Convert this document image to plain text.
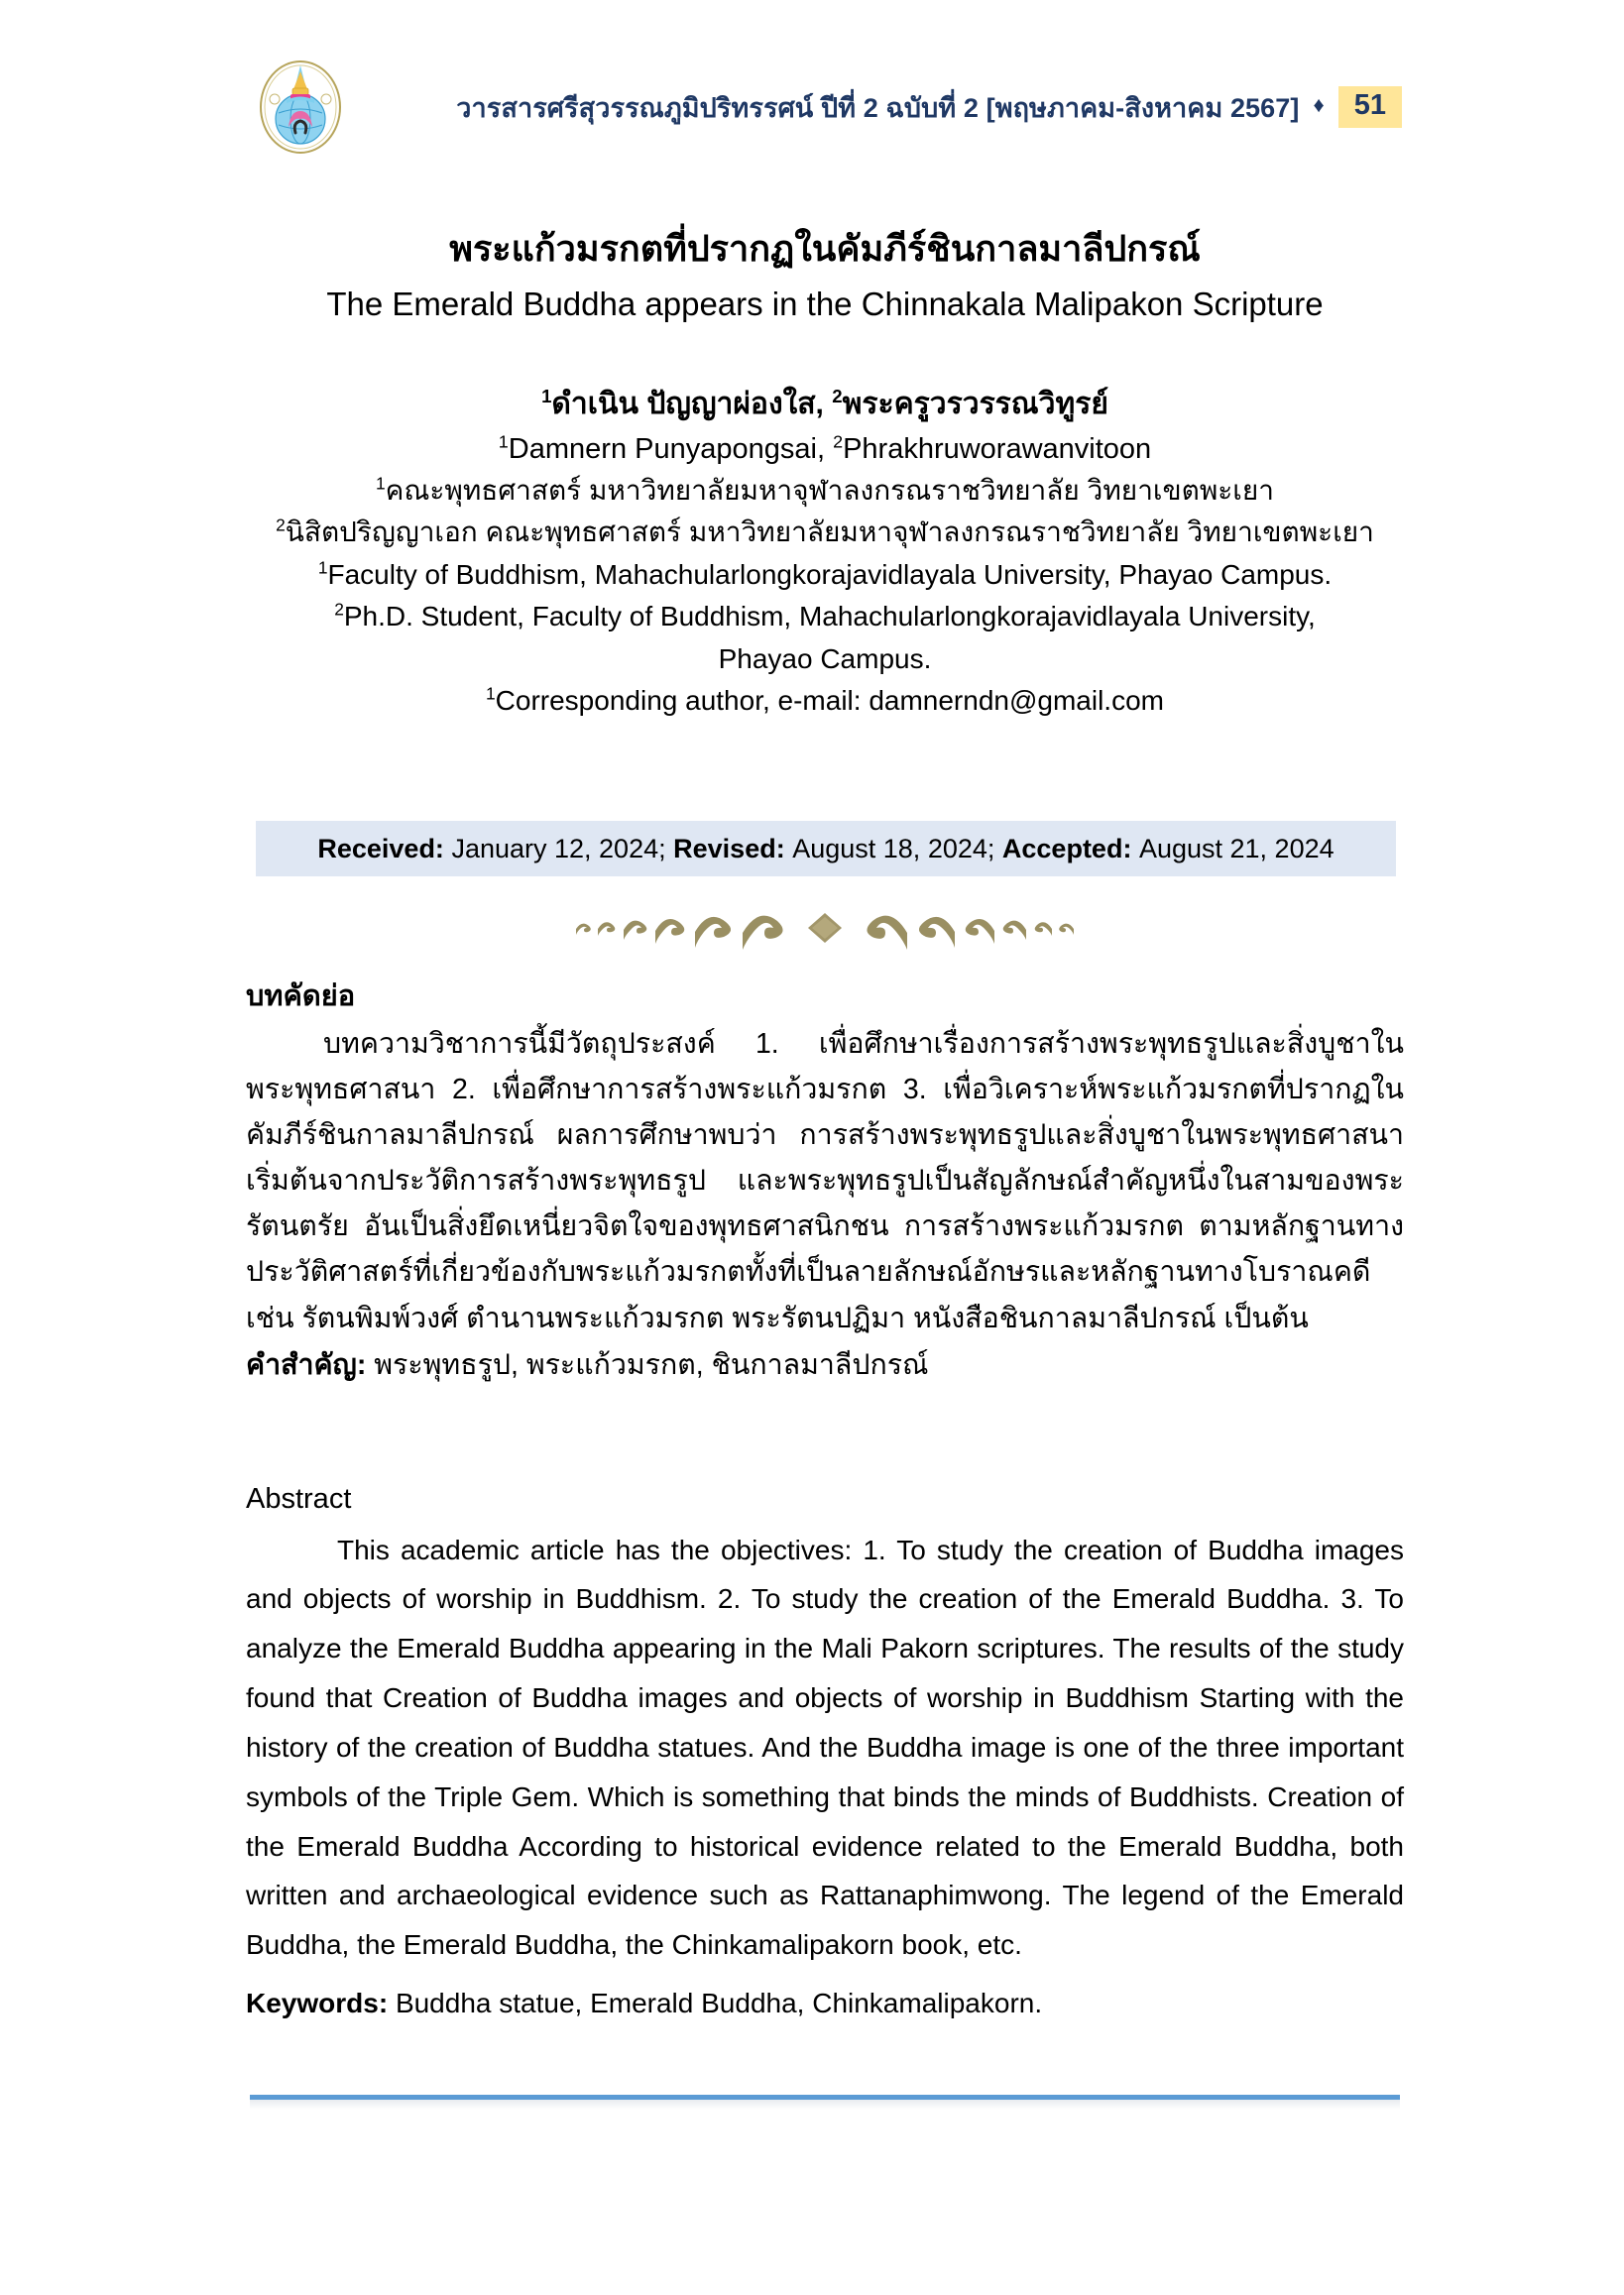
วารสารศรีสุวรรณภูมิปริทรรศน์ ปีที่ 2 ฉบับที่ 2 [พฤษภาคม-สิงหาคม 2567] ♦	51
พระแก้วมรกตที่ปรากฏในคัมภีร์ชินกาลมาลีปกรณ์
The Emerald Buddha appears in the Chinnakala Malipakon Scripture
$^1$ดำเนิน ปัญญาผ่องใส, $^2$พระครูวรวรรณวิทูรย์
$^1$Damnern Punyapongsai, $^2$Phrakhruworawanvitoon
$^1$คณะพุทธศาสตร์ มหาวิทยาลัยมหาจุฬาลงกรณราชวิทยาลัย วิทยาเขตพะเยา
$^2$นิสิตปริญญาเอก คณะพุทธศาสตร์ มหาวิทยาลัยมหาจุฬาลงกรณราชวิทยาลัย วิทยาเขตพะเยา
$^1$Faculty of Buddhism, Mahachularlongkorajavidlayala University, Phayao Campus.
$^2$Ph.D. Student, Faculty of Buddhism, Mahachularlongkorajavidlayala University,
Phayao Campus.
$^1$Corresponding author, e-mail: damnerndn@gmail.com
Received:
January 12, 2024;
Revised:
August 18, 2024;
Accepted:
August 21, 2024
บทคัดย่อ

บทความวิชาการนี้มีวัตถุประสงค์ 1. เพื่อศึกษาเรื่องการสร้างพระพุทธรูปและสิ่งบูชาในพระพุทธศาสนา 2. เพื่อศึกษาการสร้างพระแก้วมรกต 3. เพื่อวิเคราะห์พระแก้วมรกตที่ปรากฏในคัมภีร์ชินกาลมาลีปกรณ์ ผลการศึกษาพบว่า การสร้างพระพุทธรูปและสิ่งบูชาในพระพุทธศาสนา เริ่มต้นจากประวัติการสร้างพระพุทธรูป และพระพุทธรูปเป็นสัญลักษณ์สำคัญหนึ่งในสามของพระรัตนตรัย อันเป็นสิ่งยึดเหนี่ยวจิตใจของพุทธศาสนิกชน การสร้างพระแก้วมรกต ตามหลักฐานทางประวัติศาสตร์ที่เกี่ยวข้องกับพระแก้วมรกตทั้งที่เป็นลายลักษณ์อักษรและหลักฐานทางโบราณคดี เช่น รัตนพิมพ์วงศ์ ตำนานพระแก้วมรกต พระรัตนปฏิมา หนังสือชินกาลมาลีปกรณ์ เป็นต้น

คำสำคัญ: พระพุทธรูป, พระแก้วมรกต, ชินกาลมาลีปกรณ์
Abstract

This academic article has the objectives: 1. To study the creation of Buddha images and objects of worship in Buddhism. 2. To study the creation of the Emerald Buddha. 3. To analyze the Emerald Buddha appearing in the Mali Pakorn scriptures. The results of the study found that Creation of Buddha images and objects of worship in Buddhism Starting with the history of the creation of Buddha statues. And the Buddha image is one of the three important symbols of the Triple Gem. Which is something that binds the minds of Buddhists. Creation of the Emerald Buddha According to historical evidence related to the Emerald Buddha, both written and archaeological evidence such as Rattanaphimwong. The legend of the Emerald Buddha, the Emerald Buddha, the Chinkamalipakorn book, etc.

Keywords: Buddha statue, Emerald Buddha, Chinkamalipakorn.
